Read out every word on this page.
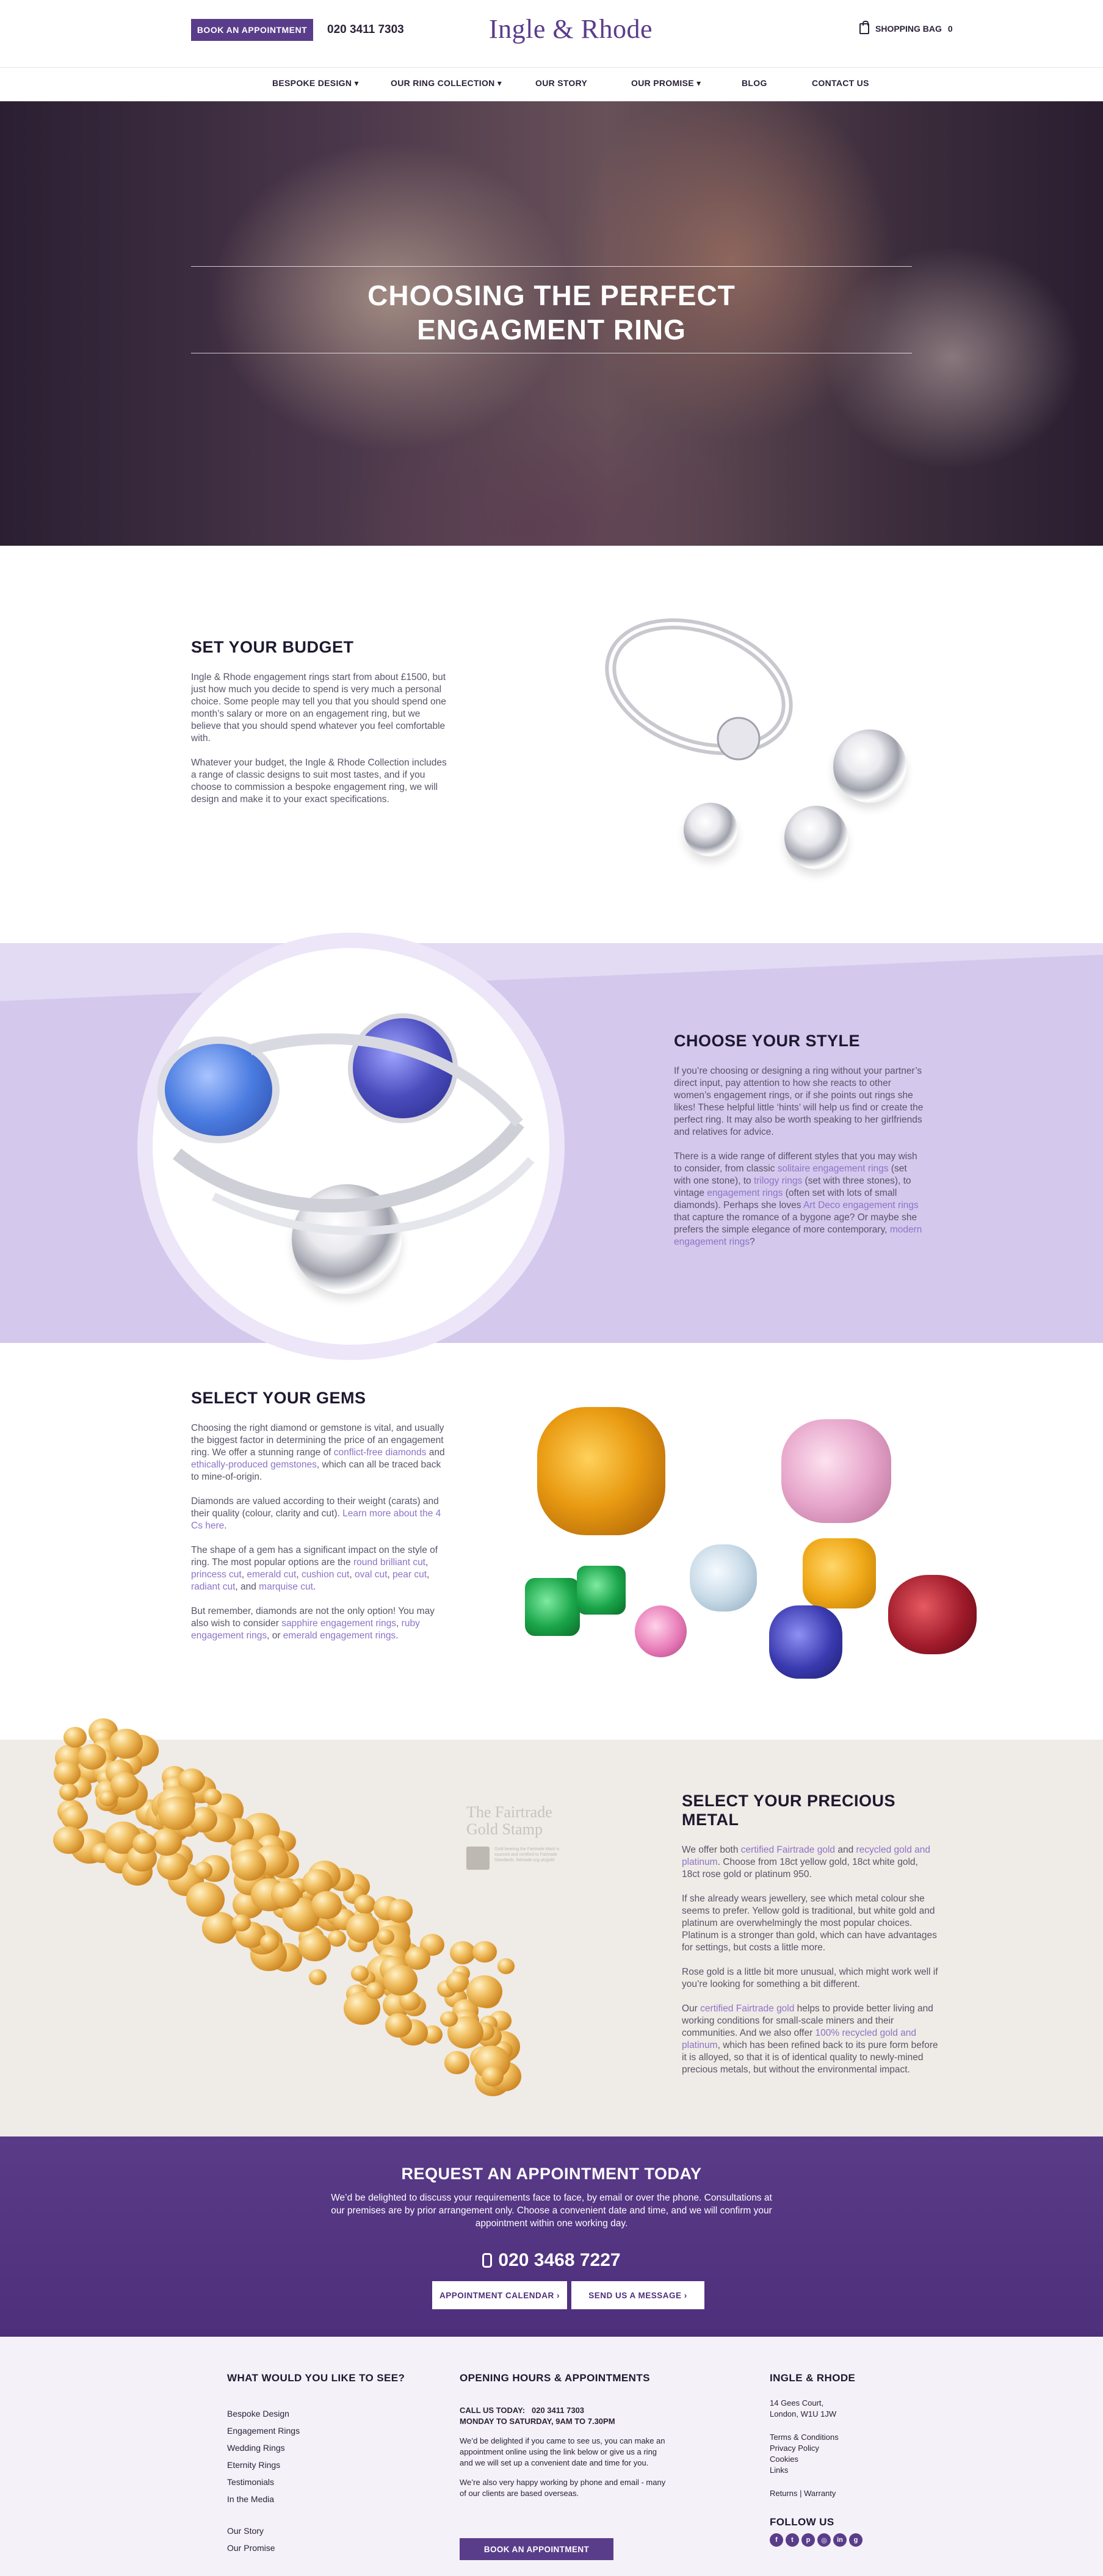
BOOK AN APPOINTMENT	020 3411 7303	Ingle & Rhode	SHOPPING BAG 0
BESPOKE DESIGN ▾	OUR RING COLLECTION ▾	OUR STORY	OUR PROMISE ▾	BLOG	CONTACT US
CHOOSING THE PERFECT
ENGAGMENT RING
SET YOUR BUDGET
Ingle & Rhode engagement rings start from about £1500, but just how much you decide to spend is very much a personal choice. Some people may tell you that you should spend one month’s salary or more on an engagement ring, but we believe that you should spend whatever you feel comfortable with.
Whatever your budget, the Ingle & Rhode Collection includes a range of classic designs to suit most tastes, and if you choose to commission a bespoke engagement ring, we will design and make it to your exact specifications.
CHOOSE YOUR STYLE
If you’re choosing or designing a ring without your partner’s direct input, pay attention to how she reacts to other women’s engagement rings, or if she points out rings she likes! These helpful little ‘hints’ will help us find or create the perfect ring. It may also be worth speaking to her girlfriends and relatives for advice.
There is a wide range of different styles that you may wish to consider, from classic solitaire engagement rings (set with one stone), to trilogy rings (set with three stones), to vintage engagement rings (often set with lots of small diamonds). Perhaps she loves Art Deco engagement rings that capture the romance of a bygone age? Or maybe she prefers the simple elegance of more contemporary, modern engagement rings?
SELECT YOUR GEMS
Choosing the right diamond or gemstone is vital, and usually the biggest factor in determining the price of an engagement ring. We offer a stunning range of conflict-free diamonds and ethically-produced gemstones, which can all be traced back to mine-of-origin.
Diamonds are valued according to their weight (carats) and their quality (colour, clarity and cut). Learn more about the 4 Cs here.
The shape of a gem has a significant impact on the style of ring. The most popular options are the round brilliant cut, princess cut, emerald cut, cushion cut, oval cut, pear cut, radiant cut, and marquise cut.
But remember, diamonds are not the only option! You may also wish to consider sapphire engagement rings, ruby engagement rings, or emerald engagement rings.
The Fairtrade Gold Stamp
Gold bearing the Fairtrade Mark is sourced and certified to Fairtrade Standards. fairtrade.org.uk/gold
SELECT YOUR PRECIOUS METAL
We offer both certified Fairtrade gold and recycled gold and platinum. Choose from 18ct yellow gold, 18ct white gold, 18ct rose gold or platinum 950.
If she already wears jewellery, see which metal colour she seems to prefer. Yellow gold is traditional, but white gold and platinum are overwhelmingly the most popular choices. Platinum is a stronger than gold, which can have advantages for settings, but costs a little more.
Rose gold is a little bit more unusual, which might work well if you’re looking for something a bit different.
Our certified Fairtrade gold helps to provide better living and working conditions for small-scale miners and their communities. And we also offer 100% recycled gold and platinum, which has been refined back to its pure form before it is alloyed, so that it is of identical quality to newly-mined precious metals, but without the environmental impact.
REQUEST AN APPOINTMENT TODAY
We’d be delighted to discuss your requirements face to face, by email or over the phone. Consultations at our premises are by prior arrangement only. Choose a convenient date and time, and we will confirm your appointment within one working day.
020 3468 7227
APPOINTMENT CALENDAR ›	SEND US A MESSAGE ›
WHAT WOULD YOU LIKE TO SEE?
Bespoke Design
Engagement Rings
Wedding Rings
Eternity Rings
Testimonials
In the Media
Our Story
Our Promise
OPENING HOURS & APPOINTMENTS
CALL US TODAY: 020 3411 7303
MONDAY TO SATURDAY, 9AM TO 7.30PM
We’d be delighted if you came to see us, you can make an appointment online using the link below or give us a ring and we will set up a convenient date and time for you.
We’re also very happy working by phone and email - many of our clients are based overseas.
BOOK AN APPOINTMENT
INGLE & RHODE
14 Gees Court,
London, W1U 1JW
Terms & Conditions
Privacy Policy
Cookies
Links
Returns | Warranty
FOLLOW US
f	t	p	◎	in	g
